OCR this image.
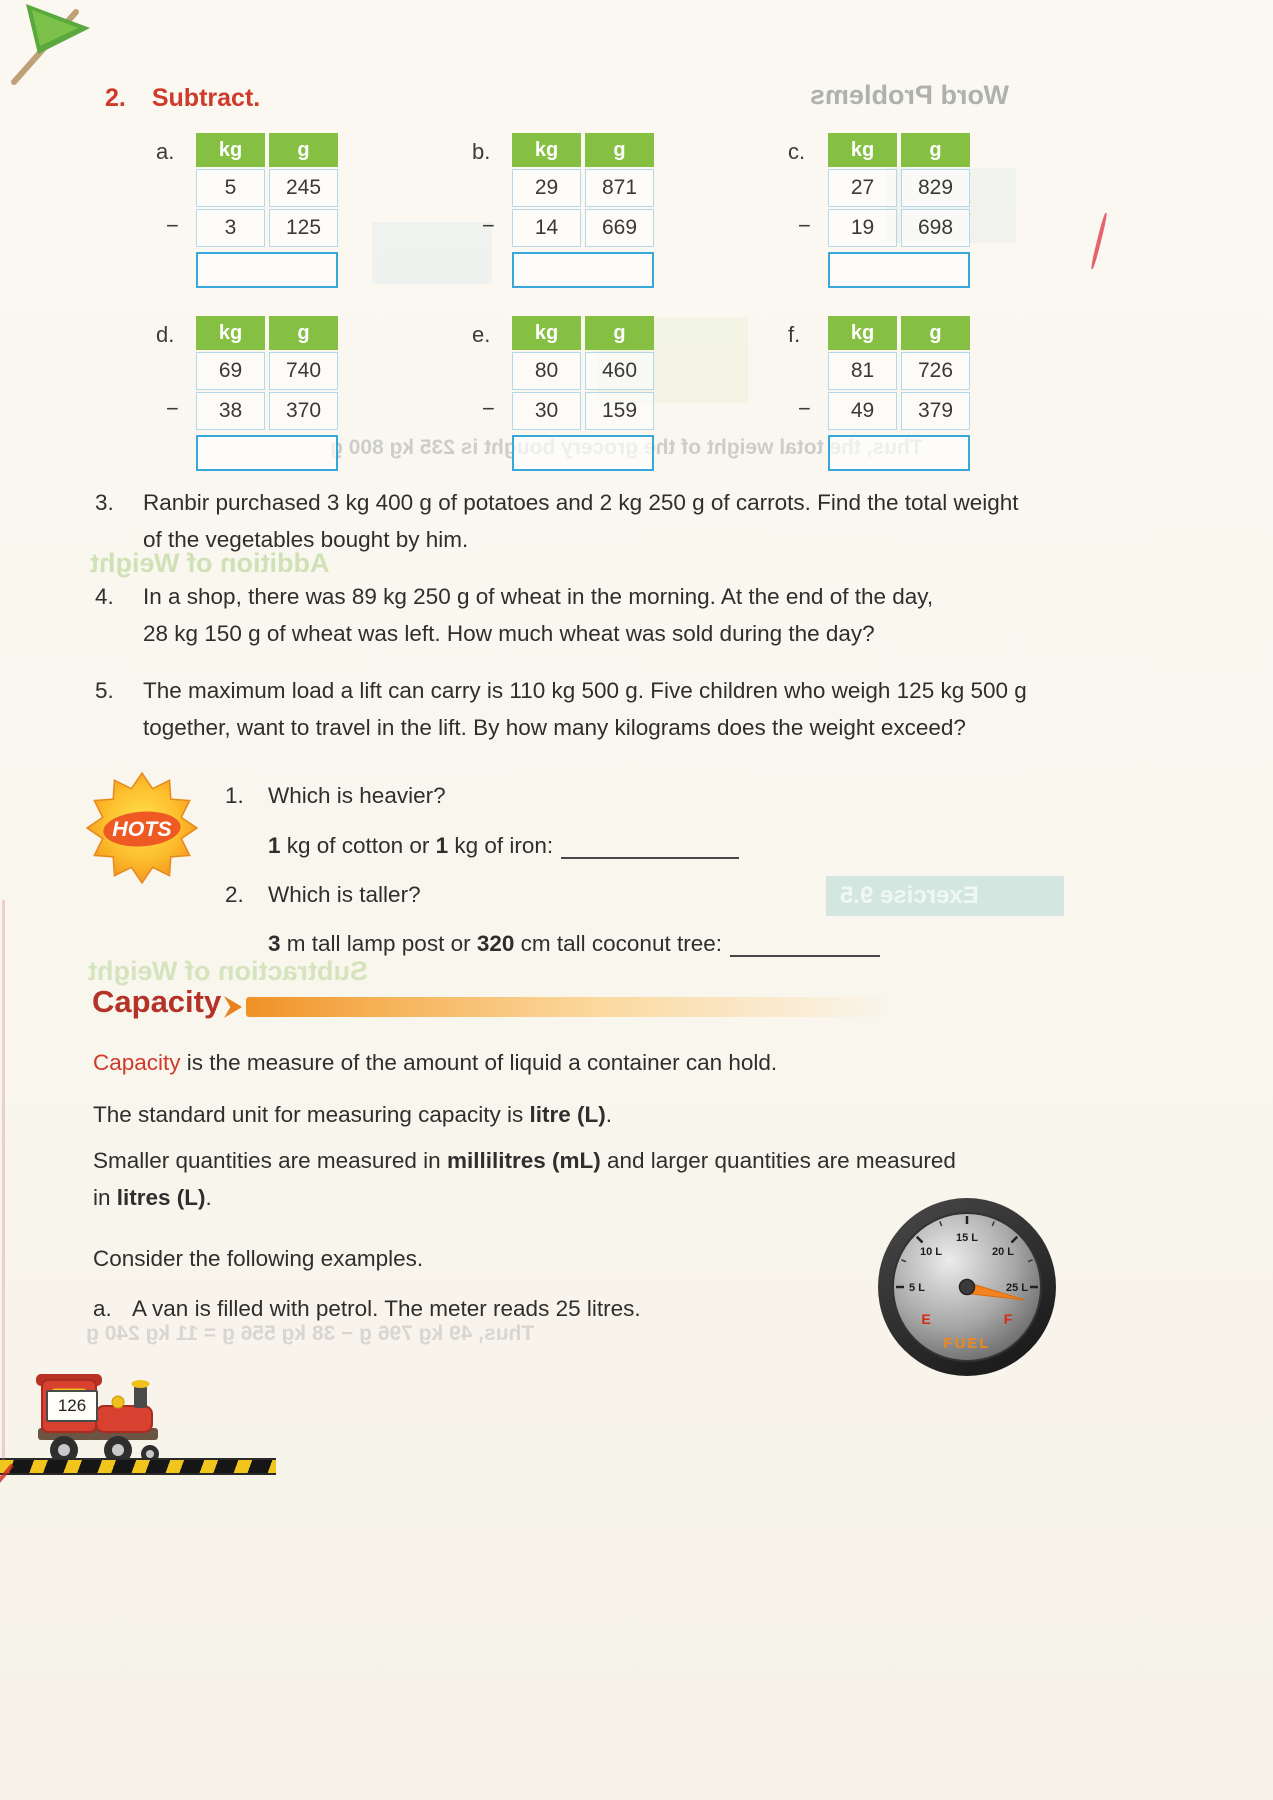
Word Problems
Exercise 9.5
Addition of Weight
Subtraction of Weight
total weight of the is 235 kg 800
Thus, 49 kg 796 g − 38 kg 556 g = 11 kg 240 g
2. Subtract.
a.
−
kg	g
5	245
3	125
b.
−
kg	g
29	871
14	669
c.
−
kg	g
27	829
19	698
d.
−
kg	g
69	740
38	370
e.
−
kg	g
80	460
30	159
f.
−
kg	g
81	726
49	379
3.	Ranbir purchased 3 kg 400 g of potatoes and 2 kg 250 g of carrots. Find the total weight
of the vegetables bought by him.
4.	In a shop, there was 89 kg 250 g of wheat in the morning. At the end of the day,
28 kg 150 g of wheat was left. How much wheat was sold during the day?
5.	The maximum load a lift can carry is 110 kg 500 g. Five children who weigh 125 kg 500 g
together, want to travel in the lift. By how many kilograms does the weight exceed?
HOTS
1. Which is heavier?
1 kg of cotton or 1 kg of iron:
2. Which is taller?
3 m tall lamp post or 320 cm tall coconut tree:
Capacity
Capacity is the measure of the amount of liquid a container can hold.
The standard unit for measuring capacity is litre (L).
Smaller quantities are measured in millilitres (mL) and larger quantities are measured
in litres (L).
Consider the following examples.
a. A van is filled with petrol. The meter reads 25 litres.
5 L
10 L
15 L
20 L
25 L
E	F
FUEL
126
